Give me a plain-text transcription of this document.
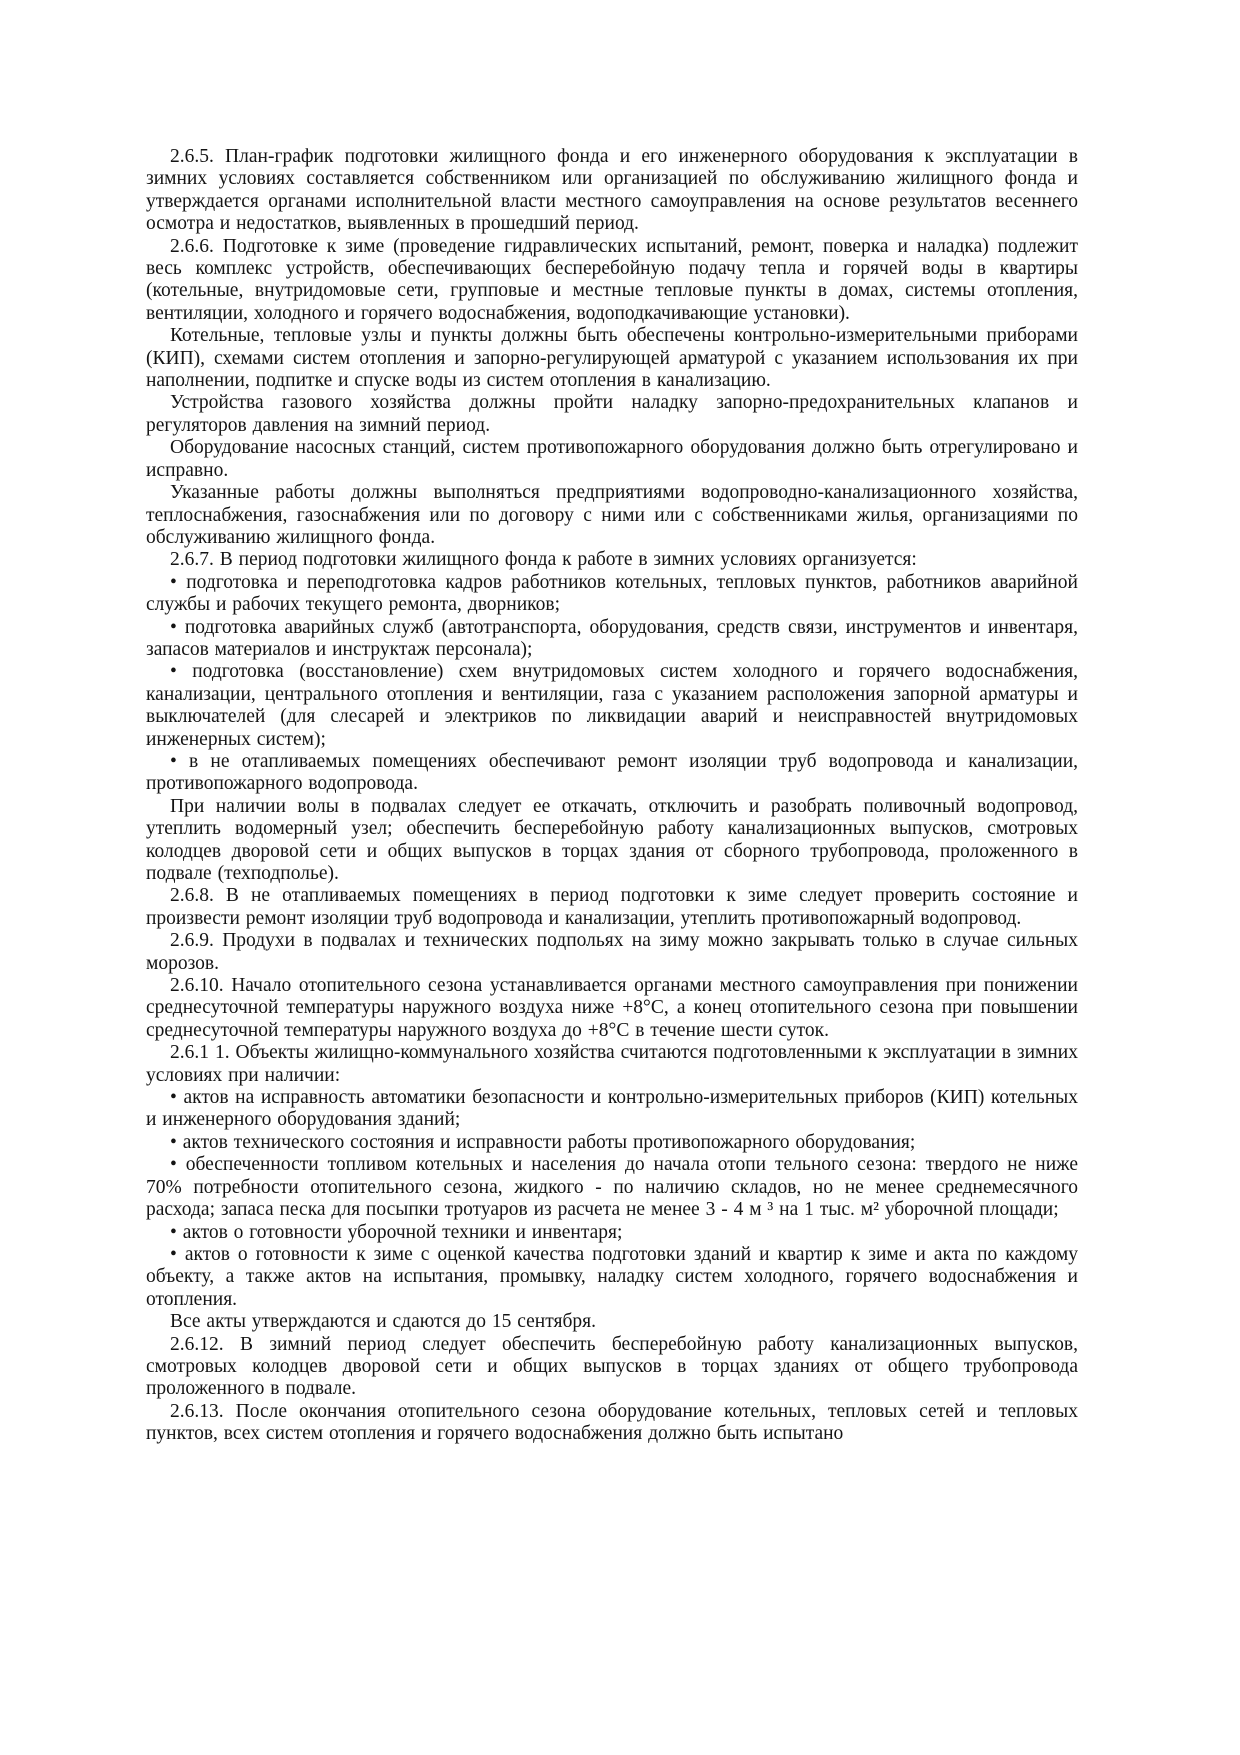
2.6.5. План-график подготовки жилищного фонда и его инженерного оборудования к эксплуатации в зимних условиях составляется собственником или организацией по обслуживанию жилищного фонда и утверждается органами исполнительной власти местного самоуправления на основе результатов весеннего осмотра и недостатков, выявленных в прошедший период.

2.6.6. Подготовке к зиме (проведение гидравлических испытаний, ремонт, поверка и наладка) подлежит весь комплекс устройств, обеспечивающих бесперебойную подачу тепла и горячей воды в квартиры (котельные, внутридомовые сети, групповые и местные тепловые пункты в домах, системы отопления, вентиляции, холодного и горячего водоснабжения, водоподкачивающие установки).

Котельные, тепловые узлы и пункты должны быть обеспечены контрольно-измерительными приборами (КИП), схемами систем отопления и запорно-регулирующей арматурой с указанием использования их при наполнении, подпитке и спуске воды из систем отопления в канализацию.

Устройства газового хозяйства должны пройти наладку запорно-предохранительных клапанов и регуляторов давления на зимний период.

Оборудование насосных станций, систем противопожарного оборудования должно быть отрегулировано и исправно.

Указанные работы должны выполняться предприятиями водопроводно-канализационного хозяйства, теплоснабжения, газоснабжения или по договору с ними или с собственниками жилья, организациями по обслуживанию жилищного фонда.

2.6.7. В период подготовки жилищного фонда к работе в зимних условиях организуется:

• подготовка и переподготовка кадров работников котельных, тепловых пунктов, работников аварийной службы и рабочих текущего ремонта, дворников;

• подготовка аварийных служб (автотранспорта, оборудования, средств связи, инструментов и инвентаря, запасов материалов и инструктаж персонала);

• подготовка (восстановление) схем внутридомовых систем холодного и горячего водоснабжения, канализации, центрального отопления и вентиляции, газа с указанием расположения запорной арматуры и выключателей (для слесарей и электриков по ликвидации аварий и неисправностей внутридомовых инженерных систем);

• в не отапливаемых помещениях обеспечивают ремонт изоляции труб водопровода и канализации, противопожарного водопровода.

При наличии волы в подвалах следует ее откачать, отключить и разобрать поливочный водопровод, утеплить водомерный узел; обеспечить бесперебойную работу канализационных выпусков, смотровых колодцев дворовой сети и общих выпусков в торцах здания от сборного трубопровода, проложенного в подвале (техподполье).

2.6.8. В не отапливаемых помещениях в период подготовки к зиме следует проверить состояние и произвести ремонт изоляции труб водопровода и канализации, утеплить противопожарный водопровод.

2.6.9. Продухи в подвалах и технических подпольях на зиму можно закрывать только в случае сильных морозов.

2.6.10. Начало отопительного сезона устанавливается органами местного самоуправления при понижении среднесуточной температуры наружного воздуха ниже +8°С, а конец отопительного сезона при повышении среднесуточной температуры наружного воздуха до +8°С в течение шести суток.

2.6.1 1. Объекты жилищно-коммунального хозяйства считаются подготовленными к эксплуатации в зимних условиях при наличии:

• актов на исправность автоматики безопасности и контрольно-измерительных приборов (КИП) котельных и инженерного оборудования зданий;

• актов технического состояния и исправности работы противопожарного оборудования;

• обеспеченности топливом котельных и населения до начала отопи тельного сезона: твердого не ниже 70% потребности отопительного сезона, жидкого - по наличию складов, но не менее среднемесячного расхода; запаса песка для посыпки тротуаров из расчета не менее 3 - 4 м ³ на 1 тыс. м² уборочной площади;

• актов о готовности уборочной техники и инвентаря;

• актов о готовности к зиме с оценкой качества подготовки зданий и квартир к зиме и акта по каждому объекту, а также актов на испытания, промывку, наладку систем холодного, горячего водоснабжения и отопления.

Все акты утверждаются и сдаются до 15 сентября.

2.6.12. В зимний период следует обеспечить бесперебойную работу канализационных выпусков, смотровых колодцев дворовой сети и общих выпусков в торцах зданиях от общего трубопровода проложенного в подвале.

2.6.13. После окончания отопительного сезона оборудование котельных, тепловых сетей и тепловых пунктов, всех систем отопления и горячего водоснабжения должно быть испытано
